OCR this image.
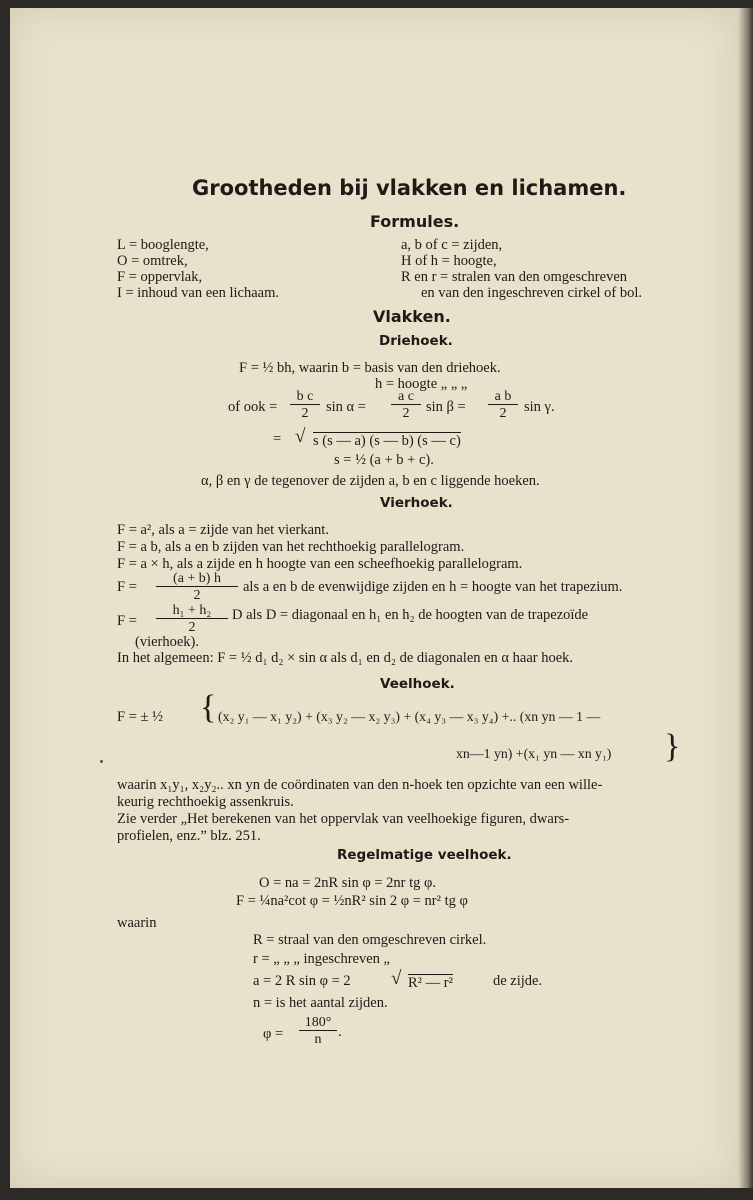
Grootheden bij vlakken en lichamen.
Formules.
L = booglengte,
O = omtrek,
F = oppervlak,
I = inhoud van een lichaam.
a, b of c = zijden,
H of h = hoogte,
R en r = stralen van den omgeschreven
en van den ingeschreven cirkel of bol.
Vlakken.
Driehoek.
F = ½ bh, waarin b = basis van den driehoek.
h = hoogte „ „ „
of ook = $\frac{\text{b c}}{2}$ $\sin \alpha = \frac{\text{a c}}{2}$ $\sin \beta = \frac{\text{a b}}{2}$ sin γ.
= √ s (s — a) (s — b) (s — c)
s = ½ (a + b + c).
α, β en γ de tegenover de zijden a, b en c liggende hoeken.
Vierhoek.
F = a², als a = zijde van het vierkant.
F = a b, als a en b zijden van het rechthoekig parallelogram.
F = a × h, als a zijde en h hoogte van een scheefhoekig parallelogram.
$F = \frac{(a + b) h}{2}$ als a en b de evenwijdige zijden en h = hoogte van het trapezium.
$F = \frac{\text{h₁ + h₂}}{2}$ D als D = diagonaal en h₁ en h₂ de hoogten van de trapezoïde
(vierhoek).
In het algemeen: F = ½ d₁ d₂ × sin α als d₁ en d₂ de diagonalen en α haar hoek.
Veelhoek.
F = ± ½ { (x₂ y₁ — x₁ y₂) + (x₃ y₂ — x₂ y₃) + (x₄ y₃ — x₃ y₄) +.. (xn yn — 1 —
xn—1 yn) +(x₁ yn — xn y₁) }
waarin x₁y₁, x₂y₂.. xn yn de coördinaten van den n-hoek ten opzichte van een wille-
keurig rechthoekig assenkruis.
Zie verder „Het berekenen van het oppervlak van veelhoekige figuren, dwars-
profielen, enz.” blz. 251.
Regelmatige veelhoek.
O = na = 2nR sin φ = 2nr tg φ.
F = ¼na²cot φ = ½nR² sin 2 φ = nr² tg φ
waarin
R = straal van den omgeschreven cirkel.
r = „ „ „ ingeschreven „
a = 2 R sin φ = 2 √ R² — r²	de zijde.
n = is het aantal zijden.
$\varphi = \frac{180^\circ}{n}$ .
